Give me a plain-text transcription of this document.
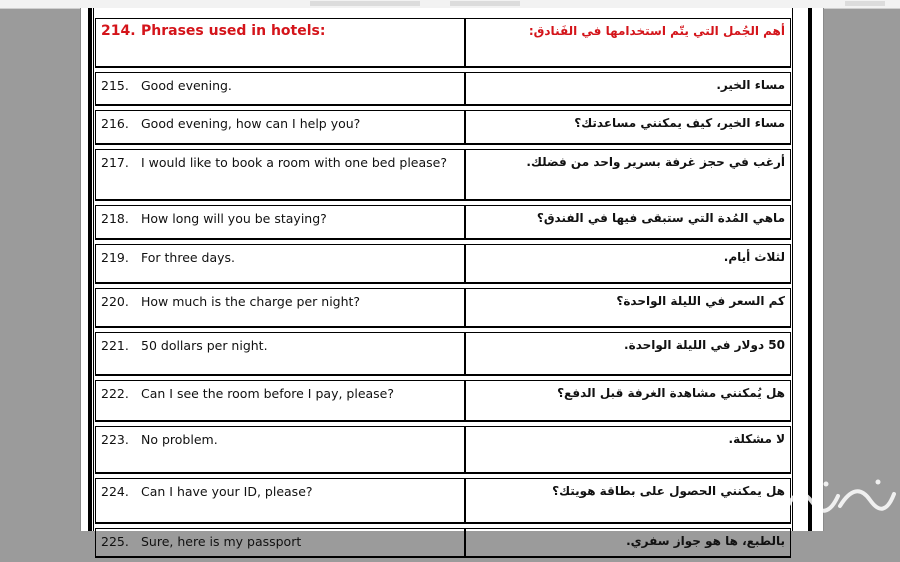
214. Phrases used in hotels:	أهم الجُمل التي يتّم استخدامها في الفَنادق:
215. Good evening.	مساء الخير.
216. Good evening, how can I help you?	مساء الخير، كيف يمكنني مساعدتك؟
217. I would like to book a room with one bed please?	أرغب في حجز غرفة بسرير واحد من فضلك.
218. How long will you be staying?	ماهي المُدة التي ستبقى فيها في الفندق؟
219. For three days.	لثلاث أيام.
220. How much is the charge per night?	كم السعر في الليلة الواحدة؟
221. 50 dollars per night.	50 دولار في الليلة الواحدة.
222. Can I see the room before I pay, please?	هل يُمكنني مشاهدة الغرفة قبل الدفع؟
223. No problem.	لا مشكلة.
224. Can I have your ID, please?	هل يمكنني الحصول على بطاقة هويتك؟
225. Sure, here is my passport	بالطبع، ها هو جواز سفري.
